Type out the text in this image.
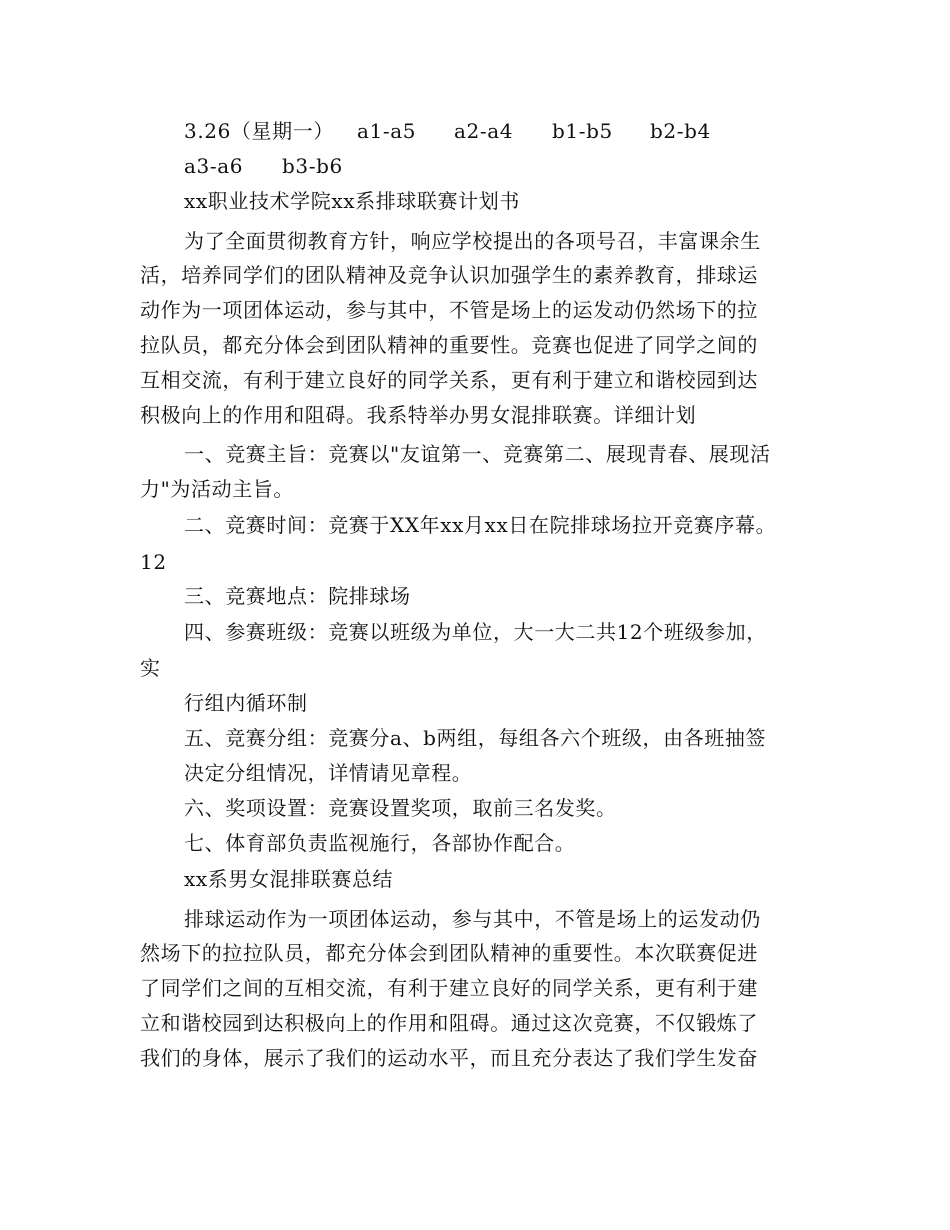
3.26（星期一） a1-a5 a2-a4 b1-b5 b2-b4
a3-a6 b3-b6
xx职业技术学院xx系排球联赛计划书
为了全面贯彻教育方针，响应学校提出的各项号召，丰富课余生
活，培养同学们的团队精神及竞争认识加强学生的素养教育，排球运
动作为一项团体运动，参与其中，不管是场上的运发动仍然场下的拉
拉队员，都充分体会到团队精神的重要性。竞赛也促进了同学之间的
互相交流，有利于建立良好的同学关系，更有利于建立和谐校园到达
积极向上的作用和阻碍。我系特举办男女混排联赛。详细计划
一、竞赛主旨：竞赛以"友谊第一、竞赛第二、展现青春、展现活
力"为活动主旨。
二、竞赛时间：竞赛于XX年xx月xx日在院排球场拉开竞赛序幕。
12
三、竞赛地点：院排球场
四、参赛班级：竞赛以班级为单位，大一大二共12个班级参加，
实
行组内循环制
五、竞赛分组：竞赛分a、b两组，每组各六个班级，由各班抽签
决定分组情况，详情请见章程。
六、奖项设置：竞赛设置奖项，取前三名发奖。
七、体育部负责监视施行，各部协作配合。
xx系男女混排联赛总结
排球运动作为一项团体运动，参与其中，不管是场上的运发动仍
然场下的拉拉队员，都充分体会到团队精神的重要性。本次联赛促进
了同学们之间的互相交流，有利于建立良好的同学关系，更有利于建
立和谐校园到达积极向上的作用和阻碍。通过这次竞赛，不仅锻炼了
我们的身体，展示了我们的运动水平，而且充分表达了我们学生发奋
